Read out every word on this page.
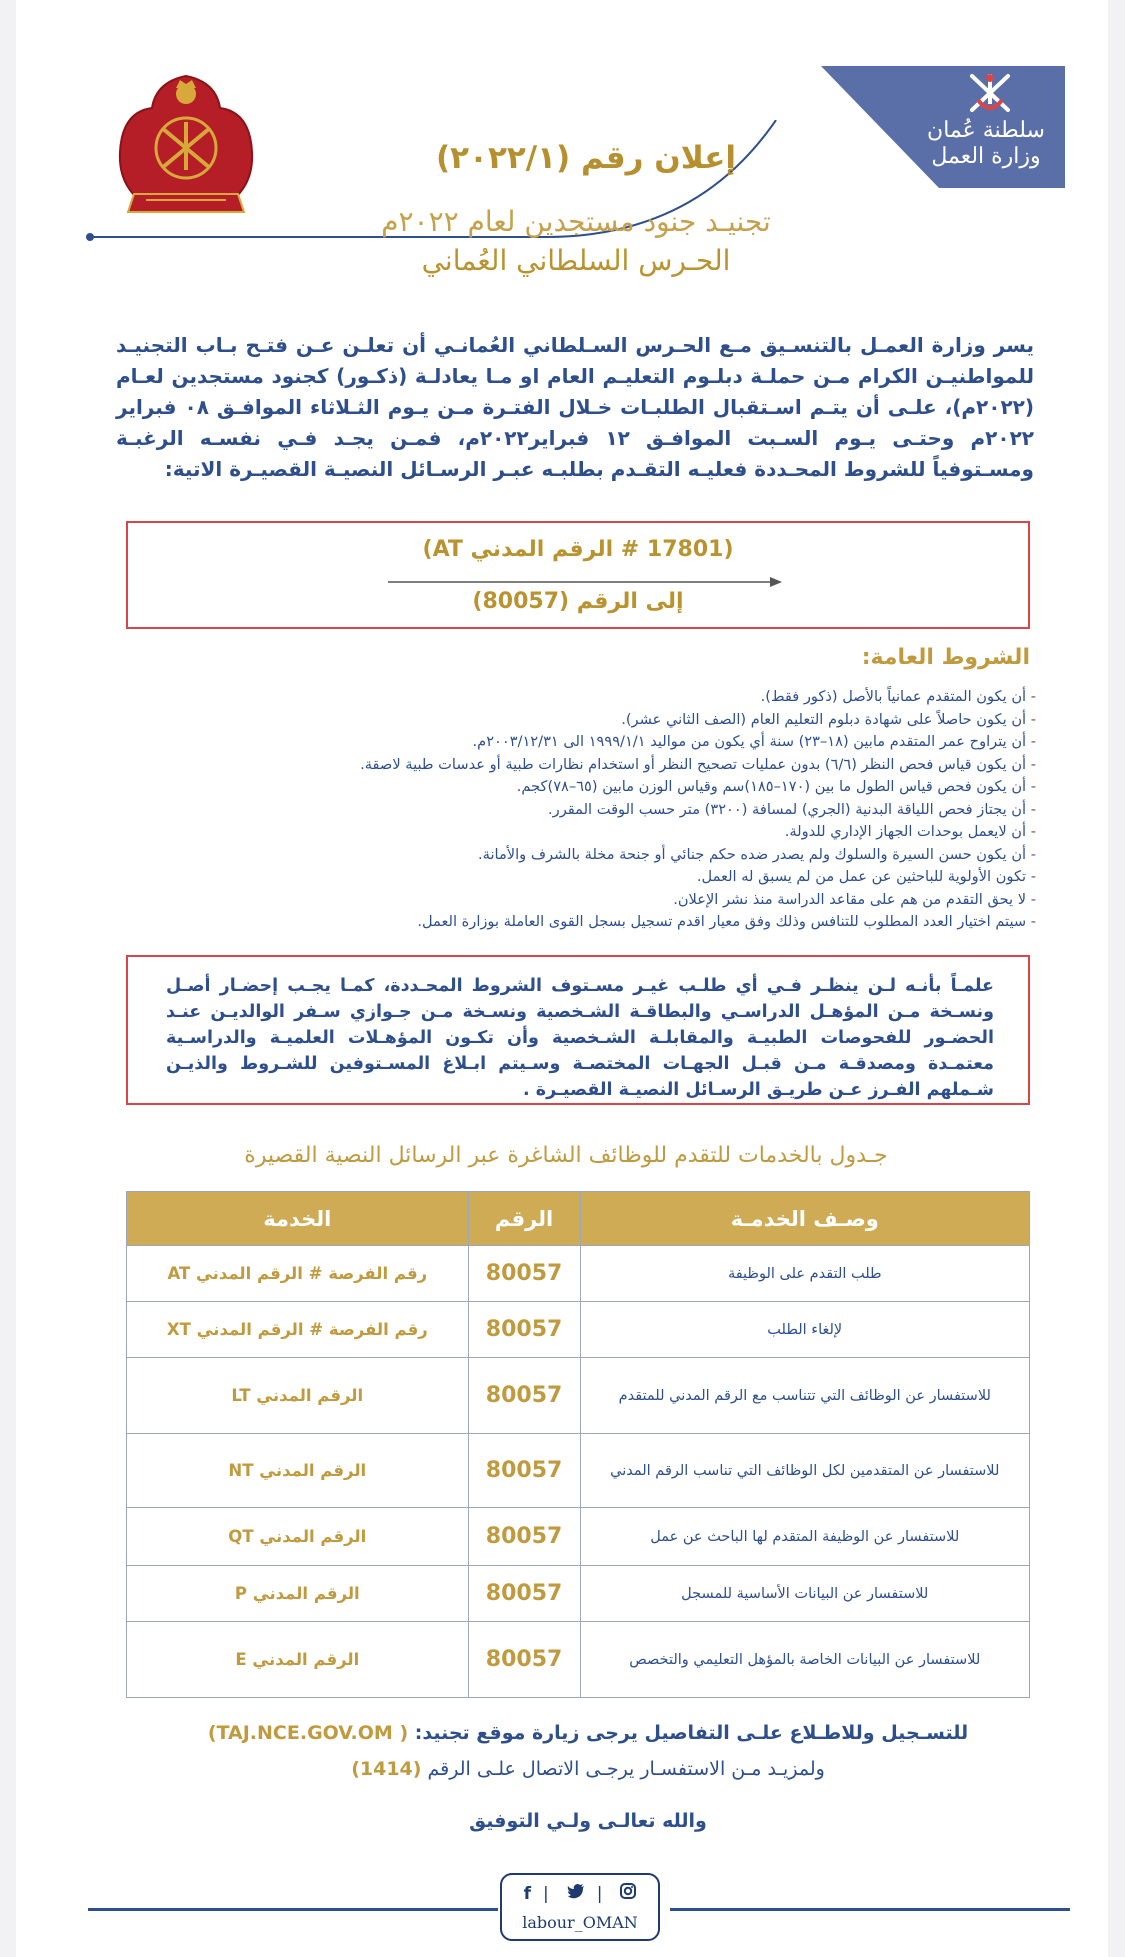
سلطنة عُمان
وزارة العمل
إعلان رقم (٢٠٢٢/١)
تجنيـد جنود مستجدين لعام ٢٠٢٢م
الحـرس السلطاني العُماني

يسر وزارة العمـل بالتنسـيق مـع الحـرس السـلطاني العُمانـي أن تعلـن عـن فتـح بـاب التجنيـد للمواطنيـن الكرام مـن حملـة دبلـوم التعليـم العام او مـا يعادلـة (ذكـور) كجنود مستجدين لعـام (٢٠٢٢م)، علـى أن يتـم اسـتقبال الطلبـات خـلال الفتـرة مـن يـوم الثـلاثاء الموافـق ٠٨ فبراير ٢٠٢٢م وحتـى يـوم السـبت الموافـق ١٢ فبراير٢٠٢٢م، فمـن يجـد فـي نفسـه الرغبـة ومسـتوفياً للشروط المحـددة فعليـه التقـدم بطلبـه عبـر الرسـائل النصيـة القصيـرة الاتية:

(17801 # الرقم المدني AT)
إلى الرقم (80057)
الشروط العامة:
- أن يكون المتقدم عمانياً بالأصل (ذكور فقط).
- أن يكون حاصلاً على شهادة دبلوم التعليم العام (الصف الثاني عشر).
- أن يتراوح عمر المتقدم مابين (١٨–٢٣) سنة أي يكون من مواليد ١٩٩٩/١/١ الى ٢٠٠٣/١٢/٣١م.
- أن يكون قياس فحص النظر (٦/٦) بدون عمليات تصحيح النظر أو استخدام نظارات طبية أو عدسات طبية لاصقة.
- أن يكون فحص قياس الطول ما بين (١٧٠–١٨٥)سم وقياس الوزن مابين (٦٥–٧٨)كجم.
- أن يجتاز فحص اللياقة البدنية (الجري) لمسافة (٣٢٠٠) متر حسب الوقت المقرر.
- أن لايعمل بوحدات الجهاز الإداري للدولة.
- أن يكون حسن السيرة والسلوك ولم يصدر ضده حكم جنائي أو جنحة مخلة بالشرف والأمانة.
- تكون الأولوية للباحثين عن عمل من لم يسبق له العمل.
- لا يحق التقدم من هم على مقاعد الدراسة منذ نشر الإعلان.
- سيتم اختيار العدد المطلوب للتنافس وذلك وفق معيار اقدم تسجيل بسجل القوى العاملة بوزارة العمل.

علمـاً بأنـه لـن ينظـر فـي أي طلـب غيـر مسـتوف الشروط المحـددة، كمـا يجـب إحضـار أصـل ونسـخة مـن المؤهـل الدراسـي والبطاقـة الشـخصية ونسـخة مـن جـوازي سـفر الوالديـن عنـد الحضـور للفحوصات الطبيـة والمقابلـة الشـخصية وأن تكـون المؤهـلات العلميـة والدراسـية معتمـدة ومصدقـة مـن قبـل الجهـات المختصـة وسـيتم ابـلاغ المسـتوفين للشـروط والذيـن شـملهم الفـرز عـن طريـق الرسـائل النصيـة القصيـرة .

جـدول بالخدمات للتقدم للوظائف الشاغرة عبر الرسائل النصية القصيرة
وصـف الخدمـة	الرقم	الخدمة
طلب التقدم على الوظيفة	80057	رقم الفرصة # الرقم المدني AT
لإلغاء الطلب	80057	رقم الفرصة # الرقم المدني XT
للاستفسار عن الوظائف التي تتناسب مع الرقم المدني للمتقدم	80057	الرقم المدني LT
للاستفسار عن المتقدمين لكل الوظائف التي تناسب الرقم المدني	80057	الرقم المدني NT
للاستفسار عن الوظيفة المتقدم لها الباحث عن عمل	80057	الرقم المدني QT
للاستفسار عن البيانات الأساسية للمسجل	80057	الرقم المدني P
للاستفسار عن البيانات الخاصة بالمؤهل التعليمي والتخصص	80057	الرقم المدني E
للتسـجيل وللاطـلاع علـى التفاصيل يرجى زيارة موقع تجنيد: ( TAJ.NCE.GOV.OM)
ولمزيـد مـن الاستفسـار يرجـى الاتصال علـى الرقم (1414)
والله تعالـى ولـي التوفيق
f |	|
labour_OMAN
